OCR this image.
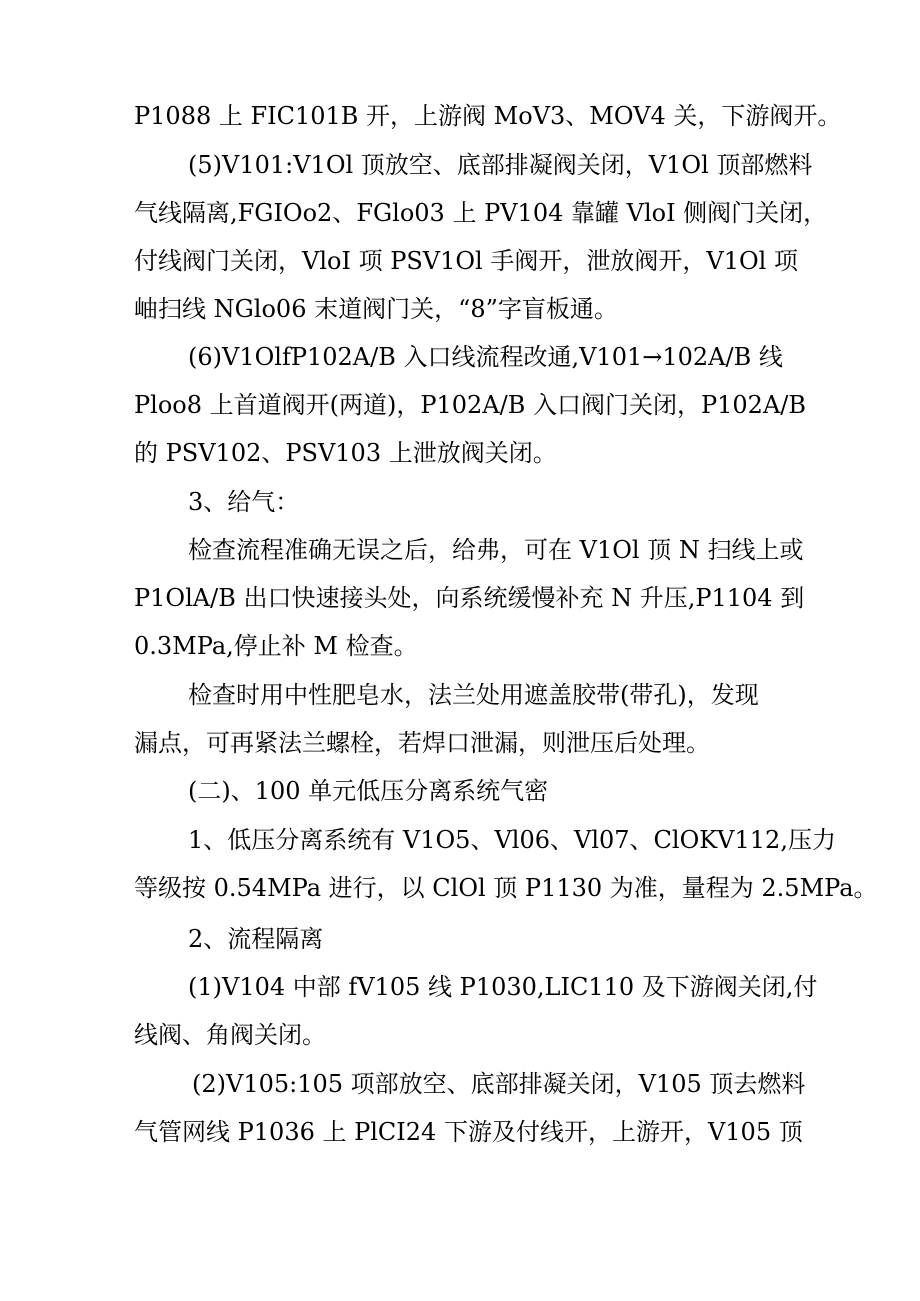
P1088 上 FIC101B 开，上游阀 MoV3、MOV4 关，下游阀开。
(5)V101:V1Ol 顶放空、底部排凝阀关闭，V1Ol 顶部燃料
气线隔离,FGIOo2、FGlo03 上 PV104 靠罐 VloI 侧阀门关闭，
付线阀门关闭，VloI 项 PSV1Ol 手阀开，泄放阀开，V1Ol 项
岫扫线 NGlo06 末道阀门关，“8”字盲板通。
(6)V1OlfP102A/B 入口线流程改通,V101→102A/B 线
Ploo8 上首道阀开(两道)，P102A/B 入口阀门关闭，P102A/B
的 PSV102、PSV103 上泄放阀关闭。
3、给气：
检查流程准确无误之后，给弗，可在 V1Ol 顶 N 扫线上或
P1OlA/B 出口快速接头处，向系统缓慢补充 N 升压,P1104 到
0.3MPa,停止补 M 检查。
检查时用中性肥皂水，法兰处用遮盖胶带(带孔)，发现
漏点，可再紧法兰螺栓，若焊口泄漏，则泄压后处理。
(二)、100 单元低压分离系统气密
1、低压分离系统有 V1O5、Vl06、Vl07、ClOKV112,压力
等级按 0.54MPa 进行，以 ClOl 顶 P1130 为准，量程为 2.5MPa。
2、流程隔离
(1)V104 中部 fV105 线 P1030,LIC110 及下游阀关闭,付
线阀、角阀关闭。
(2)V105:105 项部放空、底部排凝关闭，V105 顶去燃料
气管网线 P1036 上 PlCI24 下游及付线开，上游开，V105 顶
